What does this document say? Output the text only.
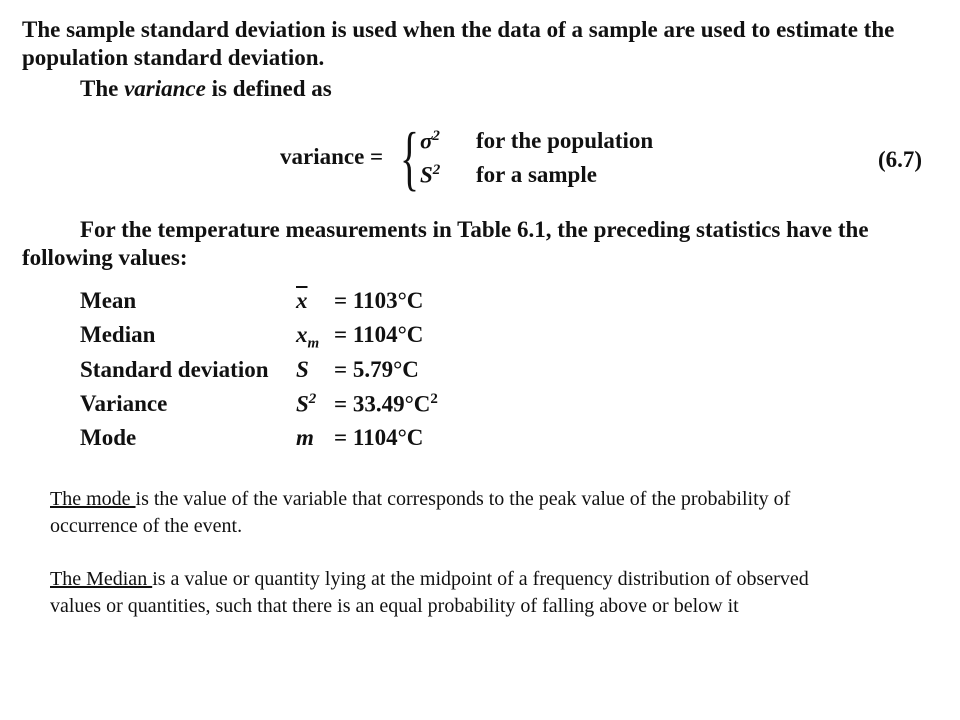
The sample standard deviation is used when the data of a sample are used to estimate the population standard deviation.
The variance is defined as
variance = { $\sigma^2$ for the population
$S^2$ for a sample
(6.7)
For the temperature measurements in Table 6.1, the preceding statistics have the following values:
Mean	$\overline{x} = 1103^\circ C$
Median	$x_m = 1104^\circ C$
Standard deviation S = 5.79°C
Variance	$S^2 = 33.49^\circ C^2$
Mode	m = 1104°C
The mode is the value of the variable that corresponds to the peak value of the probability of occurrence of the event.
The Median is a value or quantity lying at the midpoint of a frequency distribution of observed values or quantities, such that there is an equal probability of falling above or below it
